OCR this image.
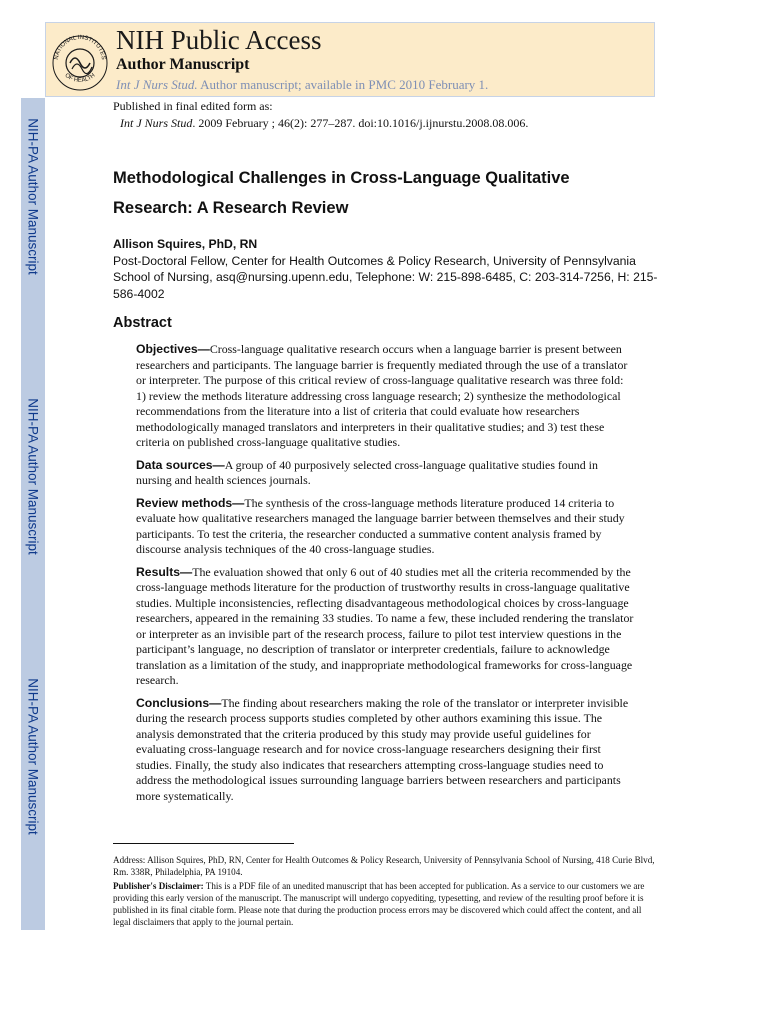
NIH-PA Author Manuscript
NIH-PA Author Manuscript
NIH-PA Author Manuscript
NATIONAL INSTITUTES
OF HEALTH
NIH Public Access
Author Manuscript
Int J Nurs Stud. Author manuscript; available in PMC 2010 February 1.
Published in final edited form as:
Int J Nurs Stud. 2009 February ; 46(2): 277–287. doi:10.1016/j.ijnurstu.2008.08.006.
Methodological Challenges in Cross-Language Qualitative
Research: A Research Review
Allison Squires, PhD, RN
Post-Doctoral Fellow, Center for Health Outcomes & Policy Research, University of Pennsylvania School of Nursing, asq@nursing.upenn.edu, Telephone: W: 215-898-6485, C: 203-314-7256, H: 215-586-4002
Abstract

Objectives—Cross-language qualitative research occurs when a language barrier is present between researchers and participants. The language barrier is frequently mediated through the use of a translator or interpreter. The purpose of this critical review of cross-language qualitative research was three fold: 1) review the methods literature addressing cross language research; 2) synthesize the methodological recommendations from the literature into a list of criteria that could evaluate how researchers methodologically managed translators and interpreters in their qualitative studies; and 3) test these criteria on published cross-language qualitative studies.

Data sources—A group of 40 purposively selected cross-language qualitative studies found in nursing and health sciences journals.

Review methods—The synthesis of the cross-language methods literature produced 14 criteria to evaluate how qualitative researchers managed the language barrier between themselves and their study participants. To test the criteria, the researcher conducted a summative content analysis framed by discourse analysis techniques of the 40 cross-language studies.

Results—The evaluation showed that only 6 out of 40 studies met all the criteria recommended by the cross-language methods literature for the production of trustworthy results in cross-language qualitative studies. Multiple inconsistencies, reflecting disadvantageous methodological choices by cross-language researchers, appeared in the remaining 33 studies. To name a few, these included rendering the translator or interpreter as an invisible part of the research process, failure to pilot test interview questions in the participant’s language, no description of translator or interpreter credentials, failure to acknowledge translation as a limitation of the study, and inappropriate methodological frameworks for cross-language research.

Conclusions—The finding about researchers making the role of the translator or interpreter invisible during the research process supports studies completed by other authors examining this issue. The analysis demonstrated that the criteria produced by this study may provide useful guidelines for evaluating cross-language research and for novice cross-language researchers designing their first studies. Finally, the study also indicates that researchers attempting cross-language studies need to address the methodological issues surrounding language barriers between researchers and participants more systematically.

Address: Allison Squires, PhD, RN, Center for Health Outcomes & Policy Research, University of Pennsylvania School of Nursing, 418 Curie Blvd, Rm. 338R, Philadelphia, PA 19104.

Publisher's Disclaimer: This is a PDF file of an unedited manuscript that has been accepted for publication. As a service to our customers we are providing this early version of the manuscript. The manuscript will undergo copyediting, typesetting, and review of the resulting proof before it is published in its final citable form. Please note that during the production process errors may be discovered which could affect the content, and all legal disclaimers that apply to the journal pertain.
